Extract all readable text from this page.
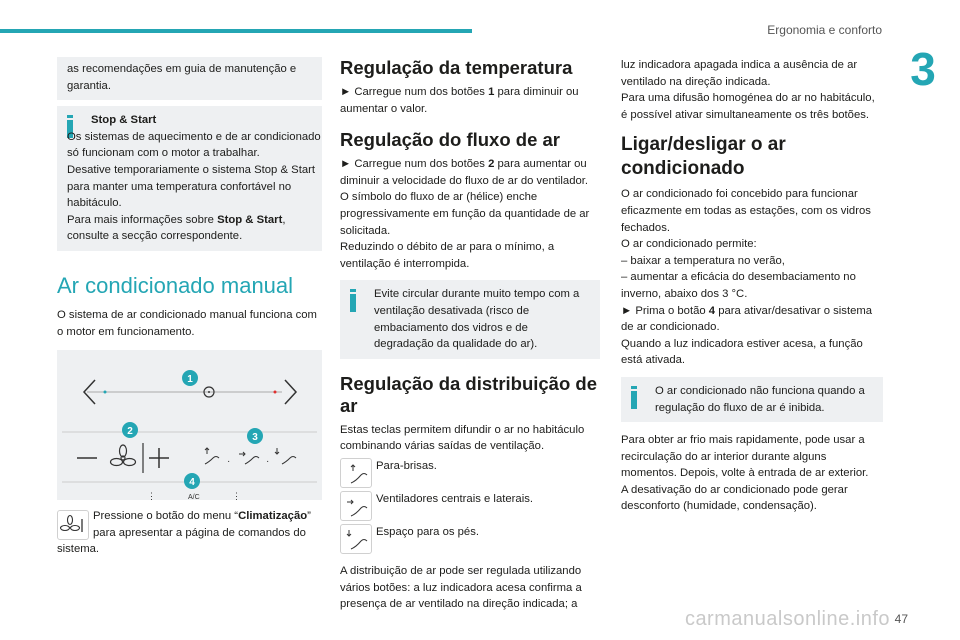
Ergonomia e conforto
3

as recomendações em guia de manutenção e garantia.

Stop & Start

Os sistemas de aquecimento e de ar condicionado só funcionam com o motor a trabalhar.

Desative temporariamente o sistema Stop & Start para manter uma temperatura confortável no habitáculo.

Para mais informações sobre Stop & Start, consulte a secção correspondente.

Ar condicionado manual

O sistema de ar condicionado manual funciona com o motor em funcionamento.

·	·
A/C
⋮	⋮
1
2
3
4

Pressione o botão do menu “Climatização” para apresentar a página de comandos do sistema.

Regulação da temperatura

► Carregue num dos botões 1 para diminuir ou aumentar o valor.

Regulação do fluxo de ar

► Carregue num dos botões 2 para aumentar ou diminuir a velocidade do fluxo de ar do ventilador.

O símbolo do fluxo de ar (hélice) enche progressivamente em função da quantidade de ar solicitada.

Reduzindo o débito de ar para o mínimo, a ventilação é interrompida.

Evite circular durante muito tempo com a ventilação desativada (risco de embaciamento dos vidros e de degradação da qualidade do ar).

Regulação da distribuição de ar

Estas teclas permitem difundir o ar no habitáculo combinando várias saídas de ventilação.

Para-brisas.
Ventiladores centrais e laterais.
Espaço para os pés.

A distribuição de ar pode ser regulada utilizando vários botões: a luz indicadora acesa confirma a presença de ar ventilado na direção indicada; a

luz indicadora apagada indica a ausência de ar ventilado na direção indicada.

Para uma difusão homogénea do ar no habitáculo, é possível ativar simultaneamente os três botões.

Ligar/desligar o ar condicionado

O ar condicionado foi concebido para funcionar eficazmente em todas as estações, com os vidros fechados.

O ar condicionado permite:

– baixar a temperatura no verão,

– aumentar a eficácia do desembaciamento no inverno, abaixo dos 3 °C.

► Prima o botão 4 para ativar/desativar o sistema de ar condicionado.

Quando a luz indicadora estiver acesa, a função está ativada.

O ar condicionado não funciona quando a regulação do fluxo de ar é inibida.

Para obter ar frio mais rapidamente, pode usar a recirculação do ar interior durante alguns momentos. Depois, volte à entrada de ar exterior.

A desativação do ar condicionado pode gerar desconforto (humidade, condensação).

carmanualsonline.info 47
